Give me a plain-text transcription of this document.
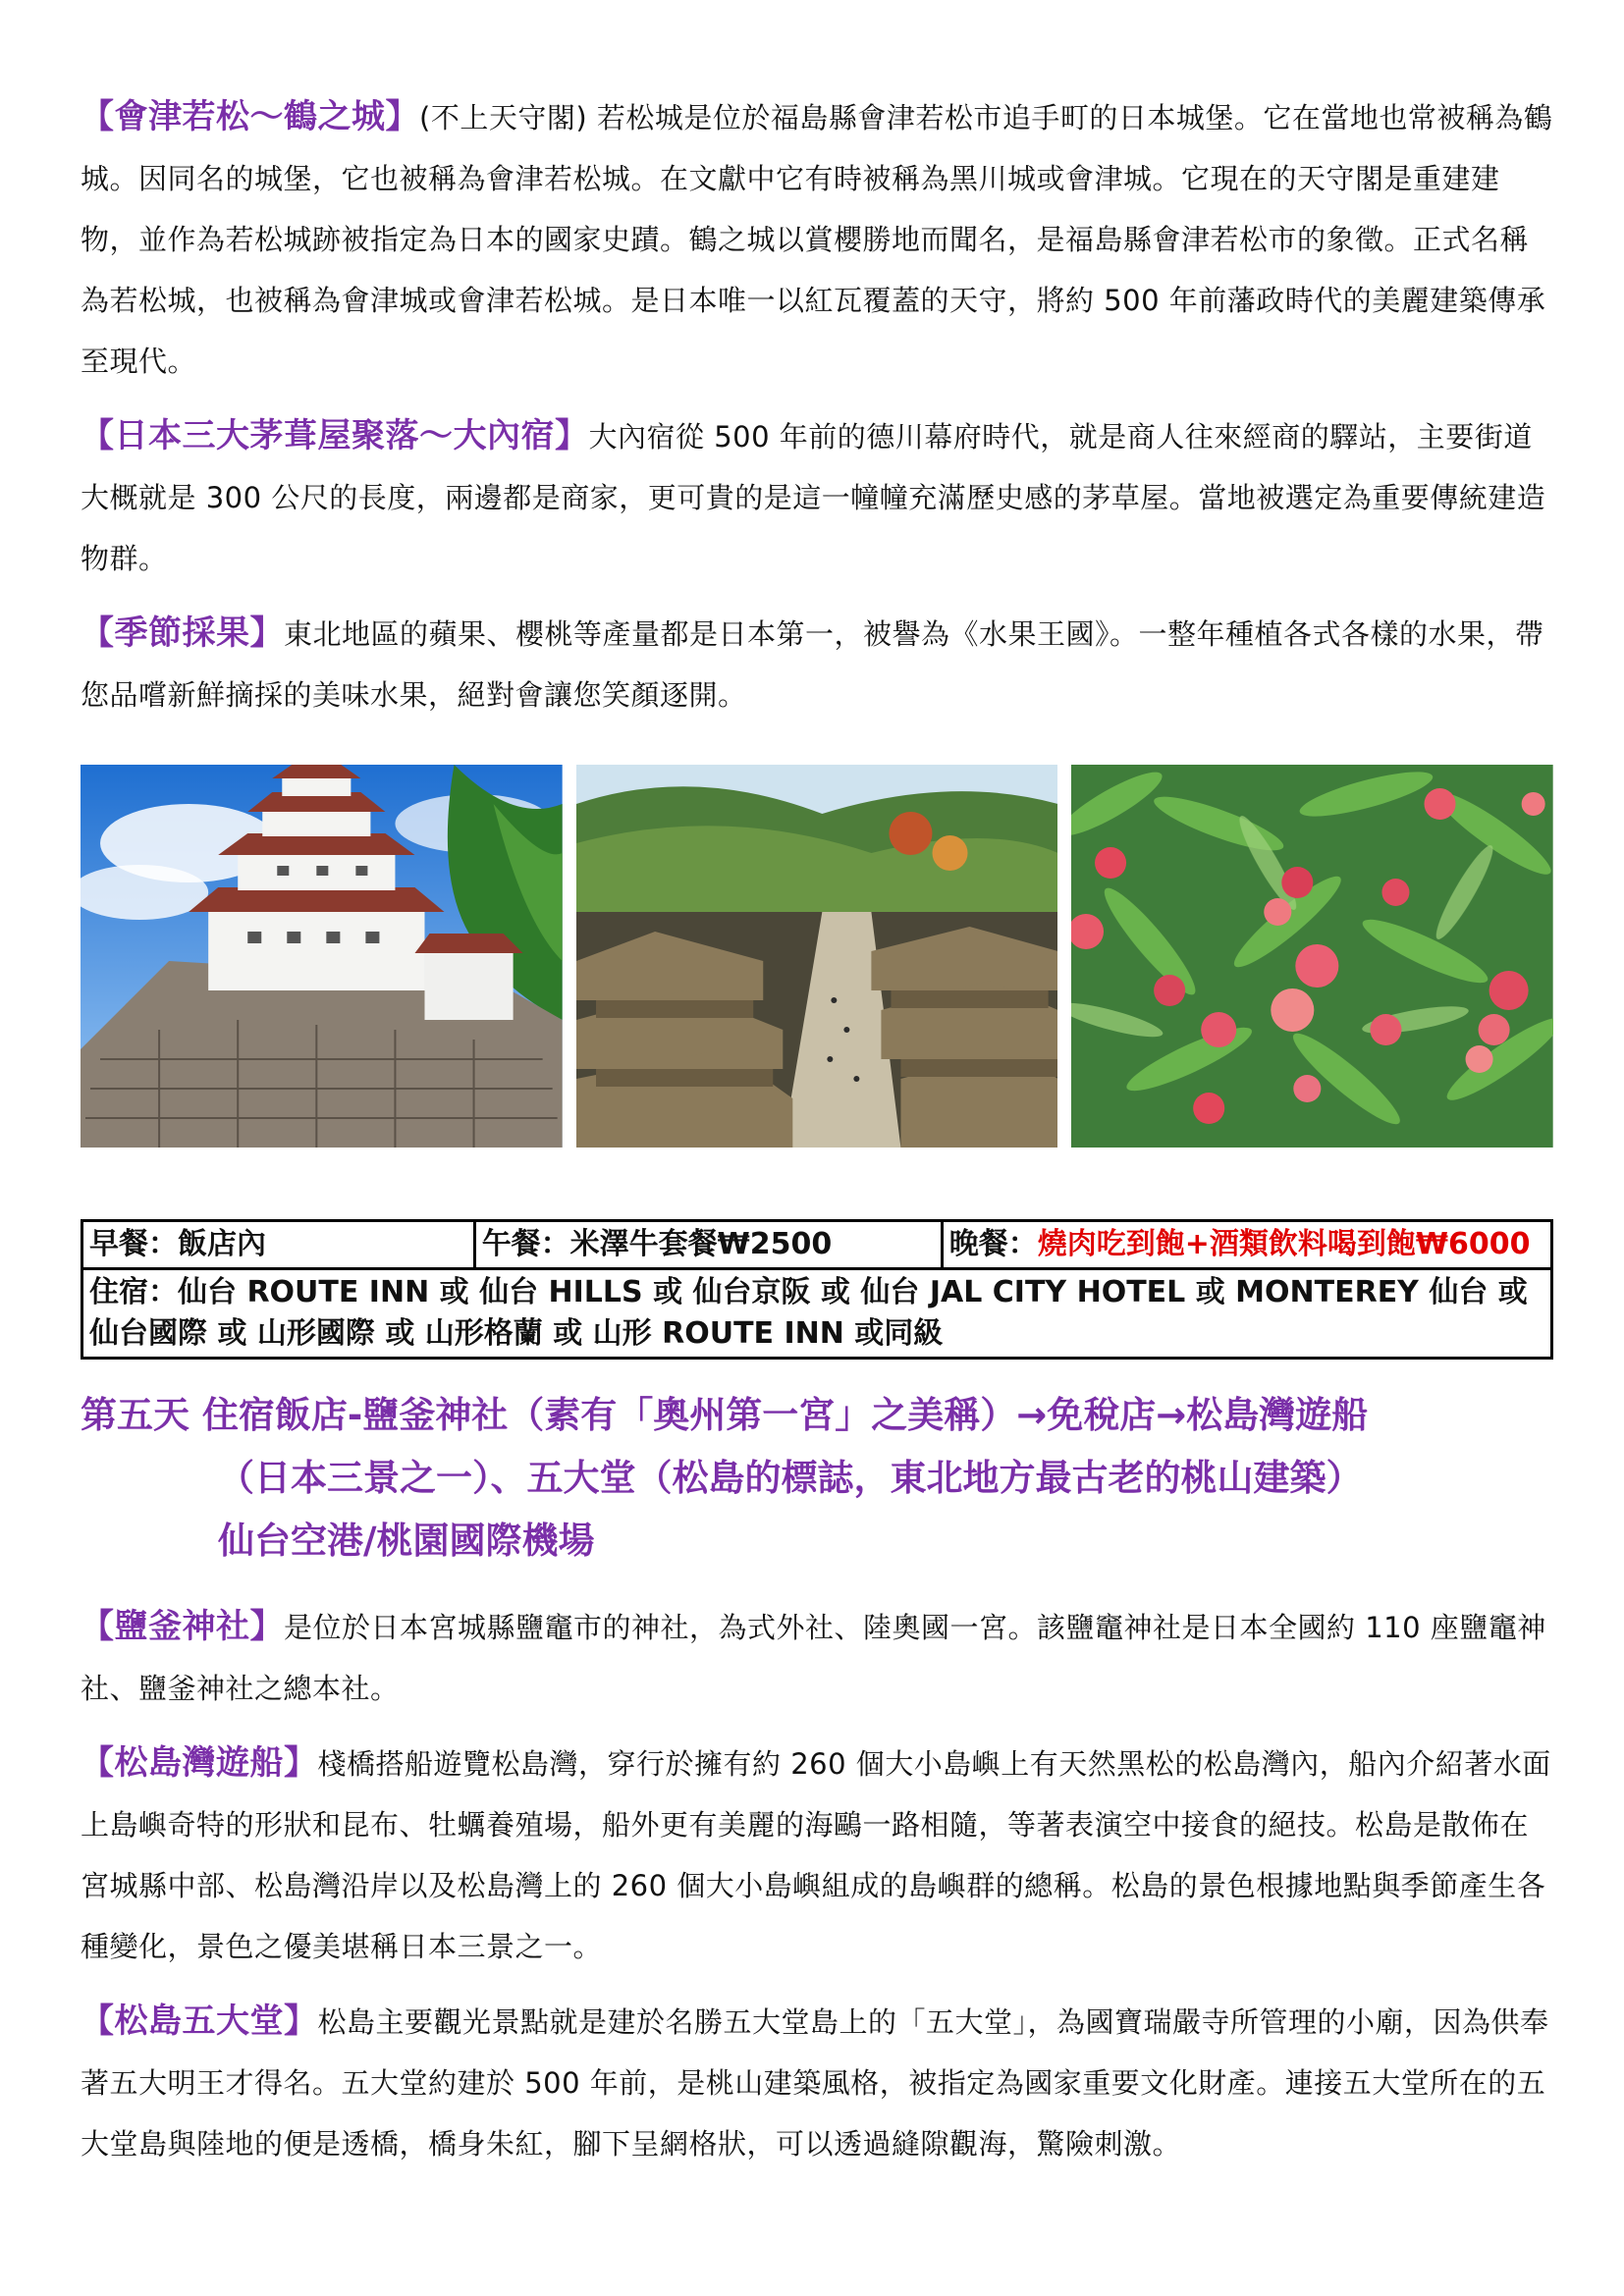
【會津若松～鶴之城】(不上天守閣) 若松城是位於福島縣會津若松市追手町的日本城堡。它在當地也常被稱為鶴城。因同名的城堡，它也被稱為會津若松城。在文獻中它有時被稱為黑川城或會津城。它現在的天守閣是重建建物，並作為若松城跡被指定為日本的國家史蹟。鶴之城以賞櫻勝地而聞名，是福島縣會津若松市的象徵。正式名稱為若松城，也被稱為會津城或會津若松城。是日本唯一以紅瓦覆蓋的天守，將約 500 年前藩政時代的美麗建築傳承至現代。

【日本三大茅葺屋聚落～大內宿】大內宿從 500 年前的德川幕府時代，就是商人往來經商的驛站，主要街道大概就是 300 公尺的長度，兩邊都是商家，更可貴的是這一幢幢充滿歷史感的茅草屋。當地被選定為重要傳統建造物群。

【季節採果】東北地區的蘋果、櫻桃等產量都是日本第一，被譽為《水果王國》。一整年種植各式各樣的水果，帶您品嚐新鮮摘採的美味水果，絕對會讓您笑顏逐開。

早餐：飯店內	午餐：米澤牛套餐₩2500	晚餐：燒肉吃到飽+酒類飲料喝到飽₩6000
住宿：仙台 ROUTE INN 或 仙台 HILLS 或 仙台京阪 或 仙台 JAL CITY HOTEL 或 MONTEREY 仙台 或 仙台國際 或 山形國際 或 山形格蘭 或 山形 ROUTE INN 或同級
第五天 住宿飯店-鹽釜神社（素有「奧州第一宮」之美稱）→免稅店→松島灣遊船
（日本三景之一）、五大堂（松島的標誌，東北地方最古老的桃山建築）
仙台空港/桃園國際機場

【鹽釜神社】是位於日本宮城縣鹽竈市的神社，為式外社、陸奧國一宮。該鹽竈神社是日本全國約 110 座鹽竈神社、鹽釜神社之總本社。

【松島灣遊船】棧橋搭船遊覽松島灣，穿行於擁有約 260 個大小島嶼上有天然黑松的松島灣內，船內介紹著水面上島嶼奇特的形狀和昆布、牡蠣養殖場，船外更有美麗的海鷗一路相隨，等著表演空中接食的絕技。松島是散佈在宮城縣中部、松島灣沿岸以及松島灣上的 260 個大小島嶼組成的島嶼群的總稱。松島的景色根據地點與季節產生各種變化，景色之優美堪稱日本三景之一。

【松島五大堂】松島主要觀光景點就是建於名勝五大堂島上的「五大堂」，為國寶瑞嚴寺所管理的小廟，因為供奉著五大明王才得名。五大堂約建於 500 年前，是桃山建築風格，被指定為國家重要文化財產。連接五大堂所在的五大堂島與陸地的便是透橋，橋身朱紅，腳下呈網格狀，可以透過縫隙觀海，驚險刺激。
